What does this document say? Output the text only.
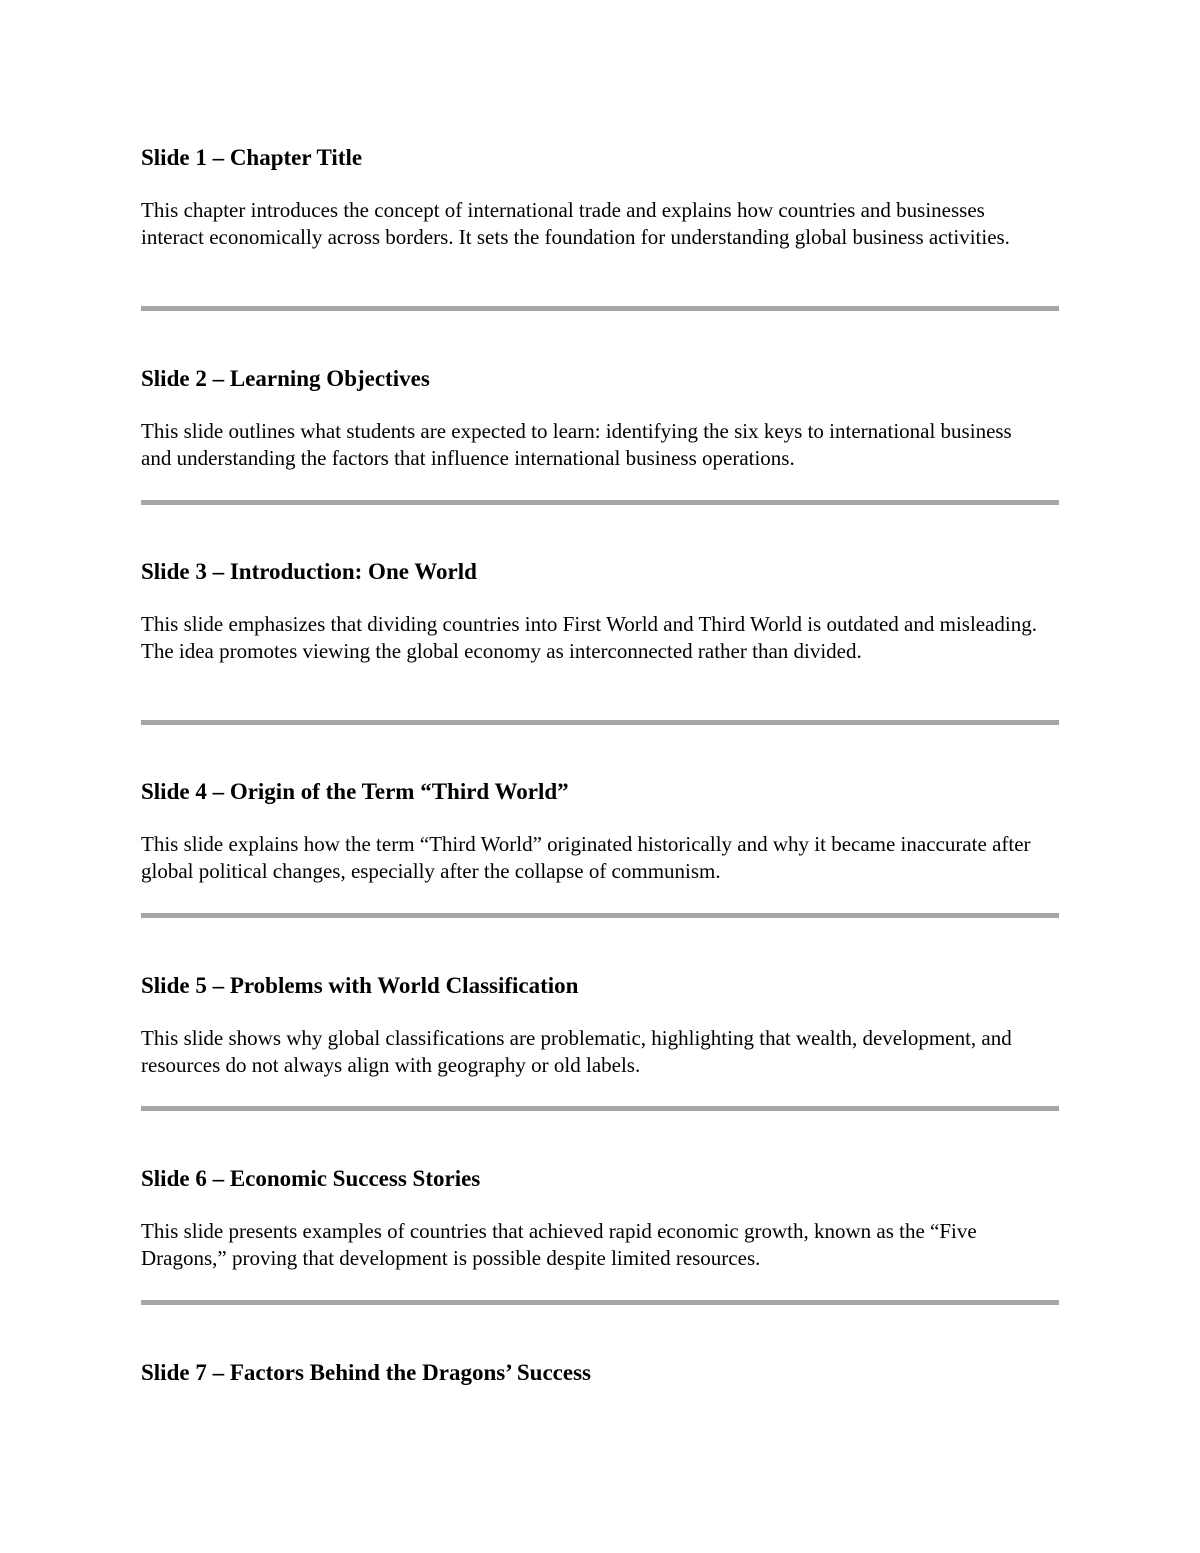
Slide 1 – Chapter Title

This chapter introduces the concept of international trade and explains how countries and businesses interact economically across borders. It sets the foundation for understanding global business activities.

Slide 2 – Learning Objectives

This slide outlines what students are expected to learn: identifying the six keys to international business and understanding the factors that influence international business operations.

Slide 3 – Introduction: One World

This slide emphasizes that dividing countries into First World and Third World is outdated and misleading. The idea promotes viewing the global economy as interconnected rather than divided.

Slide 4 – Origin of the Term “Third World”

This slide explains how the term “Third World” originated historically and why it became inaccurate after global political changes, especially after the collapse of communism.

Slide 5 – Problems with World Classification

This slide shows why global classifications are problematic, highlighting that wealth, development, and resources do not always align with geography or old labels.

Slide 6 – Economic Success Stories

This slide presents examples of countries that achieved rapid economic growth, known as the “Five Dragons,” proving that development is possible despite limited resources.

Slide 7 – Factors Behind the Dragons’ Success
